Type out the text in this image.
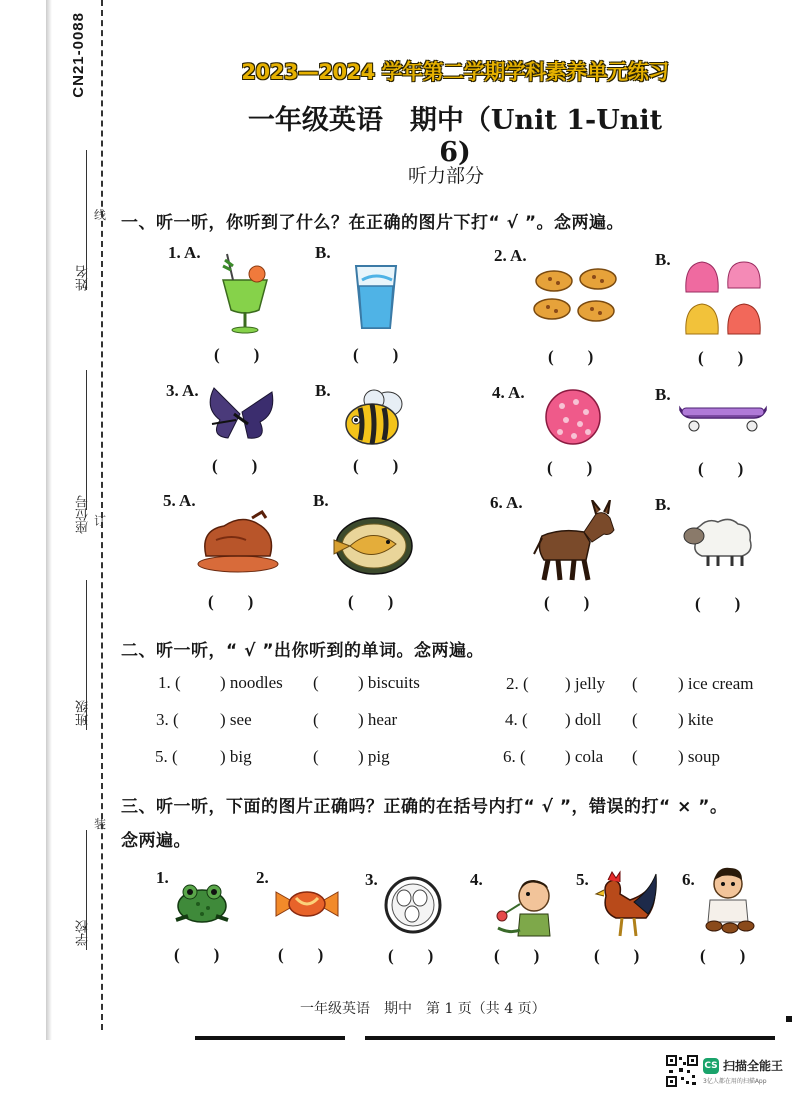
CN21-0088
姓名
座位号
班级
学校
线
订
装
2023—2024 学年第二学期学科素养单元练习
一年级英语　期中（Unit 1-Unit 6)
听力部分
一、听一听，你听到了什么？在正确的图片下打“ √ ”。念两遍。
1. A.	B.	2. A.	B.
(        )	(        )	(        )	(        )
3. A.	B.	4. A.	B.
(        )	(        )	(        )	(        )
5. A.	B.	6. A.	B.
(        )	(        )	(        )	(        )
二、听一听，“ √ ”出你听到的单词。念两遍。
1. ( ) noodles ( ) biscuits	2. ( ) jelly ( ) ice cream
3. ( ) see	( ) hear	4. ( ) doll ( ) kite
5. ( ) big	( ) pig	6. ( ) cola ( ) soup
三、听一听，下面的图片正确吗？正确的在括号内打“ √ ”，错误的打“ × ”。
念两遍。
1.	2.	3.	4.	5.	6.
(        )	(        )	(        )	(        )	(        )	(        )
一年级英语　期中　第 1 页（共 4 页）
CS 扫描全能王
3亿人都在用的扫描App
